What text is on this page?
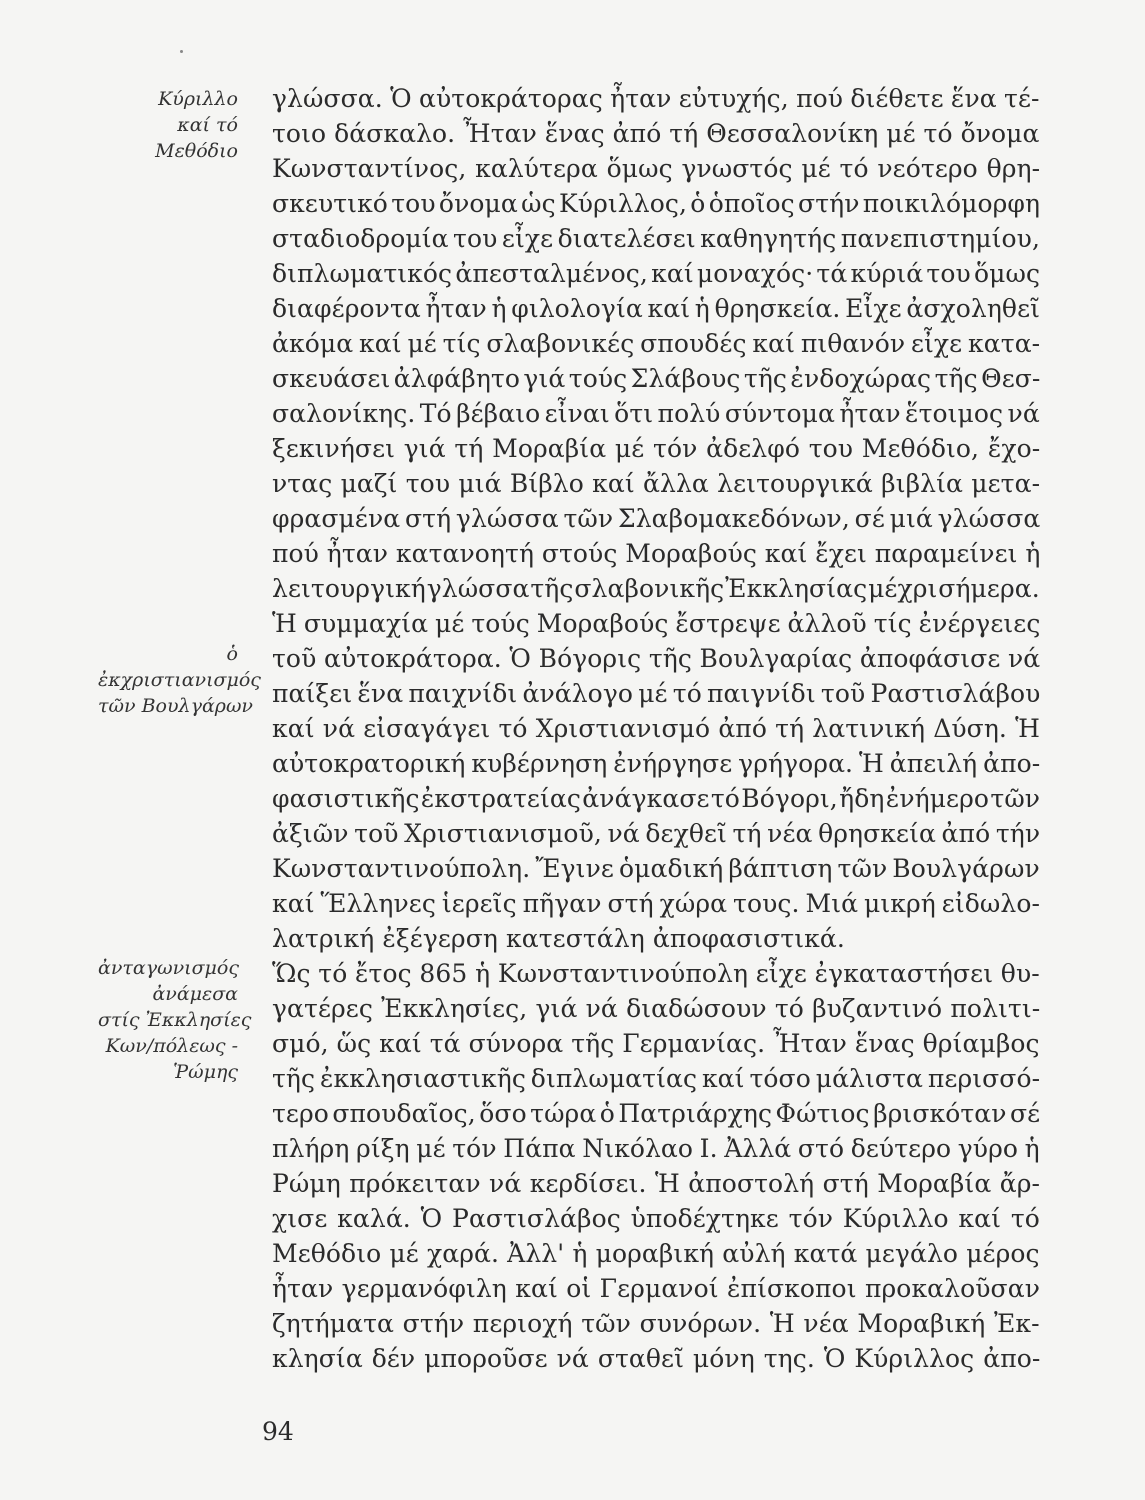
Κύριλλο
καί τό
Μεθόδιο
ὁ
ἐκχριστιανισμός
τῶν Βουλγάρων
ἀνταγωνισμός
ἀνάμεσα
στίς Ἐκκλησίες
Κων/πόλεως -
Ῥώμης
γλώσσα. Ὁ αὐτοκράτορας ἦταν εὐτυχής, πού διέθετε ἕνα τέ-
τοιο δάσκαλο. Ἦταν ἕνας ἀπό τή Θεσσαλονίκη μέ τό ὄνομα
Κωνσταντίνος, καλύτερα ὅμως γνωστός μέ τό νεότερο θρη-
σκευτικό του ὄνομα ὡς Κύριλλος, ὁ ὁποῖος στήν ποικιλόμορφη
σταδιοδρομία του εἶχε διατελέσει καθηγητής πανεπιστημίου,
διπλωματικός ἀπεσταλμένος, καί μοναχός· τά κύριά του ὅμως
διαφέροντα ἦταν ἡ φιλολογία καί ἡ θρησκεία. Εἶχε ἀσχοληθεῖ
ἀκόμα καί μέ τίς σλαβονικές σπουδές καί πιθανόν εἶχε κατα-
σκευάσει ἀλφάβητο γιά τούς Σλάβους τῆς ἐνδοχώρας τῆς Θεσ-
σαλονίκης. Τό βέβαιο εἶναι ὅτι πολύ σύντομα ἦταν ἕτοιμος νά
ξεκινήσει γιά τή Μοραβία μέ τόν ἀδελφό του Μεθόδιο, ἔχο-
ντας μαζί του μιά Βίβλο καί ἄλλα λειτουργικά βιβλία μετα-
φρασμένα στή γλώσσα τῶν Σλαβομακεδόνων, σέ μιά γλώσσα
πού ἦταν κατανοητή στούς Μοραβούς καί ἔχει παραμείνει ἡ
λειτουργική γλώσσα τῆς σλαβονικῆς Ἐκκλησίας μέχρι σήμερα.
Ἡ συμμαχία μέ τούς Μοραβούς ἔστρεψε ἀλλοῦ τίς ἐνέργειες
τοῦ αὐτοκράτορα. Ὁ Βόγορις τῆς Βουλγαρίας ἀποφάσισε νά
παίξει ἕνα παιχνίδι ἀνάλογο μέ τό παιγνίδι τοῦ Ραστισλάβου
καί νά εἰσαγάγει τό Χριστιανισμό ἀπό τή λατινική Δύση. Ἡ
αὐτοκρατορική κυβέρνηση ἐνήργησε γρήγορα. Ἡ ἀπειλή ἀπο-
φασιστικῆς ἐκστρατείας ἀνάγκασε τό Βόγορι, ἤδη ἐνήμερο τῶν
ἀξιῶν τοῦ Χριστιανισμοῦ, νά δεχθεῖ τή νέα θρησκεία ἀπό τήν
Κωνσταντινούπολη. Ἔγινε ὁμαδική βάπτιση τῶν Βουλγάρων
καί Ἕλληνες ἱερεῖς πῆγαν στή χώρα τους. Μιά μικρή εἰδωλο-
λατρική ἐξέγερση κατεστάλη ἀποφασιστικά.
Ὥς τό ἔτος 865 ἡ Κωνσταντινούπολη εἶχε ἐγκαταστήσει θυ-
γατέρες Ἐκκλησίες, γιά νά διαδώσουν τό βυζαντινό πολιτι-
σμό, ὥς καί τά σύνορα τῆς Γερμανίας. Ἦταν ἕνας θρίαμβος
τῆς ἐκκλησιαστικῆς διπλωματίας καί τόσο μάλιστα περισσό-
τερο σπουδαῖος, ὅσο τώρα ὁ Πατριάρχης Φώτιος βρισκόταν σέ
πλήρη ρίξη μέ τόν Πάπα Νικόλαο Ι. Ἀλλά στό δεύτερο γύρο ἡ
Ρώμη πρόκειταν νά κερδίσει. Ἡ ἀποστολή στή Μοραβία ἄρ-
χισε καλά. Ὁ Ραστισλάβος ὑποδέχτηκε τόν Κύριλλο καί τό
Μεθόδιο μέ χαρά. Ἀλλ' ἡ μοραβική αὐλή κατά μεγάλο μέρος
ἦταν γερμανόφιλη καί οἱ Γερμανοί ἐπίσκοποι προκαλοῦσαν
ζητήματα στήν περιοχή τῶν συνόρων. Ἡ νέα Μοραβική Ἐκ-
κλησία δέν μποροῦσε νά σταθεῖ μόνη της. Ὁ Κύριλλος ἀπο-
94
